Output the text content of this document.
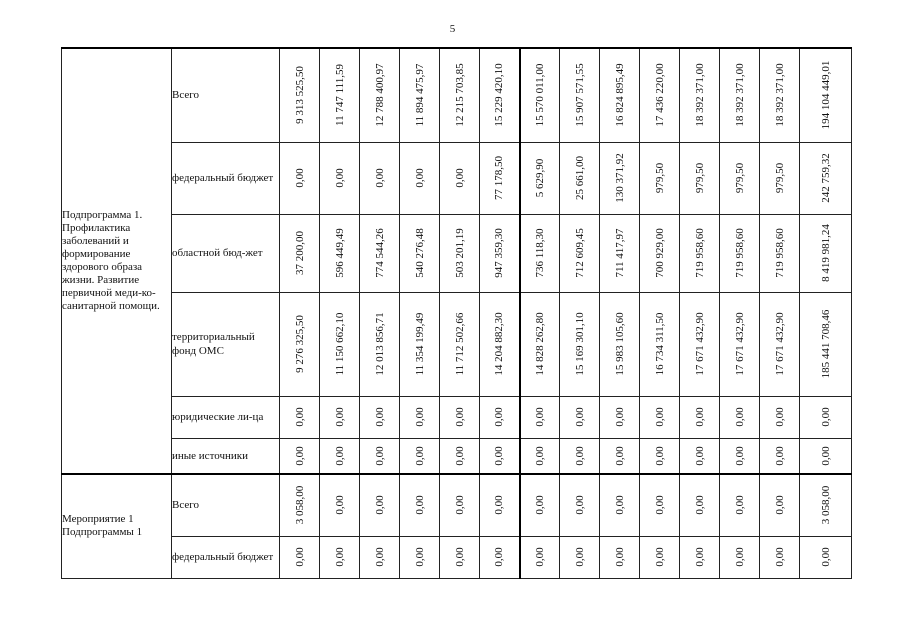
5
Подпрограмма 1. Профилактика заболеваний и формирование здорового образа жизни. Развитие первичной меди-ко-санитарной помощи.	Всего	9 313 525,50	11 747 111,59	12 788 400,97	11 894 475,97	12 215 703,85	15 229 420,10	15 570 011,00	15 907 571,55	16 824 895,49	17 436 220,00	18 392 371,00	18 392 371,00	18 392 371,00	194 104 449,01

	федеральный бюджет	0,00	0,00	0,00	0,00	0,00	77 178,50	5 629,90	25 661,00	130 371,92	979,50	979,50	979,50	979,50	242 759,32

	областной бюд-жет	37 200,00	596 449,49	774 544,26	540 276,48	503 201,19	947 359,30	736 118,30	712 609,45	711 417,97	700 929,00	719 958,60	719 958,60	719 958,60	8 419 981,24

	территориальный фонд ОМС	9 276 325,50	11 150 662,10	12 013 856,71	11 354 199,49	11 712 502,66	14 204 882,30	14 828 262,80	15 169 301,10	15 983 105,60	16 734 311,50	17 671 432,90	17 671 432,90	17 671 432,90	185 441 708,46

	юридические ли-ца	0,00	0,00	0,00	0,00	0,00	0,00	0,00	0,00	0,00	0,00	0,00	0,00	0,00	0,00

	иные источники	0,00	0,00	0,00	0,00	0,00	0,00	0,00	0,00	0,00	0,00	0,00	0,00	0,00	0,00

Мероприятие 1 Подпрограммы 1	Всего	3 058,00	0,00	0,00	0,00	0,00	0,00	0,00	0,00	0,00	0,00	0,00	0,00	0,00	3 058,00

	федеральный бюджет	0,00	0,00	0,00	0,00	0,00	0,00	0,00	0,00	0,00	0,00	0,00	0,00	0,00	0,00
